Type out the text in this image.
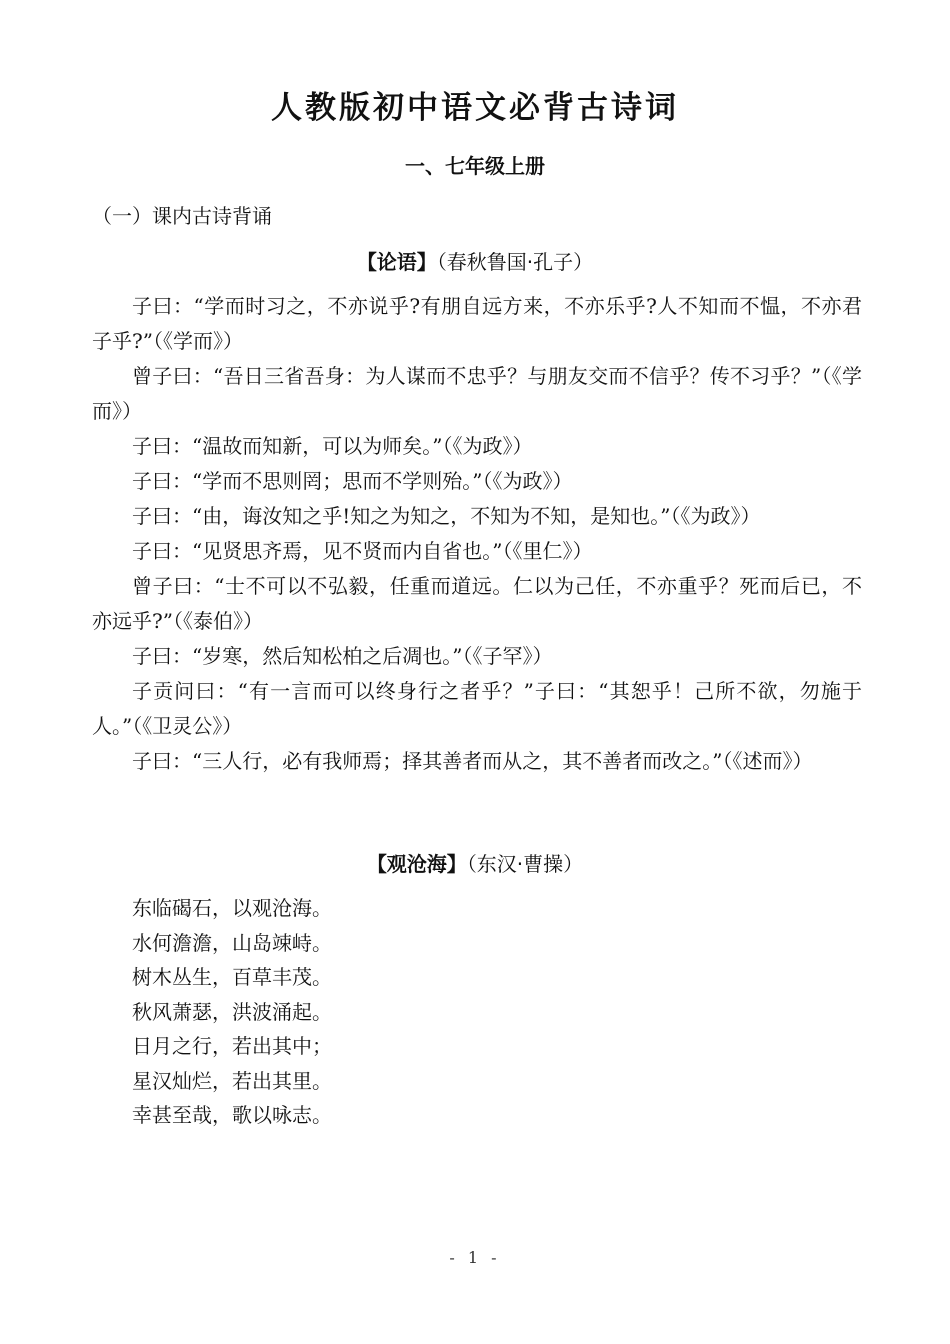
人教版初中语文必背古诗词
一、七年级上册
（一）课内古诗背诵
【论语】（春秋鲁国·孔子）

子曰：“学而时习之，不亦说乎?有朋自远方来，不亦乐乎?人不知而不愠，不亦君子乎?”（《学而》）

曾子曰：“吾日三省吾身：为人谋而不忠乎？与朋友交而不信乎？传不习乎？”（《学而》）

子曰：“温故而知新，可以为师矣。”（《为政》）

子曰：“学而不思则罔；思而不学则殆。”（《为政》）

子曰：“由，诲汝知之乎!知之为知之，不知为不知，是知也。”（《为政》）

子曰：“见贤思齐焉，见不贤而内自省也。”（《里仁》）

曾子曰：“士不可以不弘毅，任重而道远。仁以为己任，不亦重乎？死而后已，不亦远乎?”（《泰伯》）

子曰：“岁寒，然后知松柏之后凋也。”（《子罕》）

子贡问曰：“有一言而可以终身行之者乎？”子曰：“其恕乎！己所不欲，勿施于人。”（《卫灵公》）

子曰：“三人行，必有我师焉；择其善者而从之，其不善者而改之。”（《述而》）

【观沧海】（东汉·曹操）
东临碣石，以观沧海。
水何澹澹，山岛竦峙。
树木丛生，百草丰茂。
秋风萧瑟，洪波涌起。
日月之行，若出其中；
星汉灿烂，若出其里。
幸甚至哉，歌以咏志。
- 1 -
